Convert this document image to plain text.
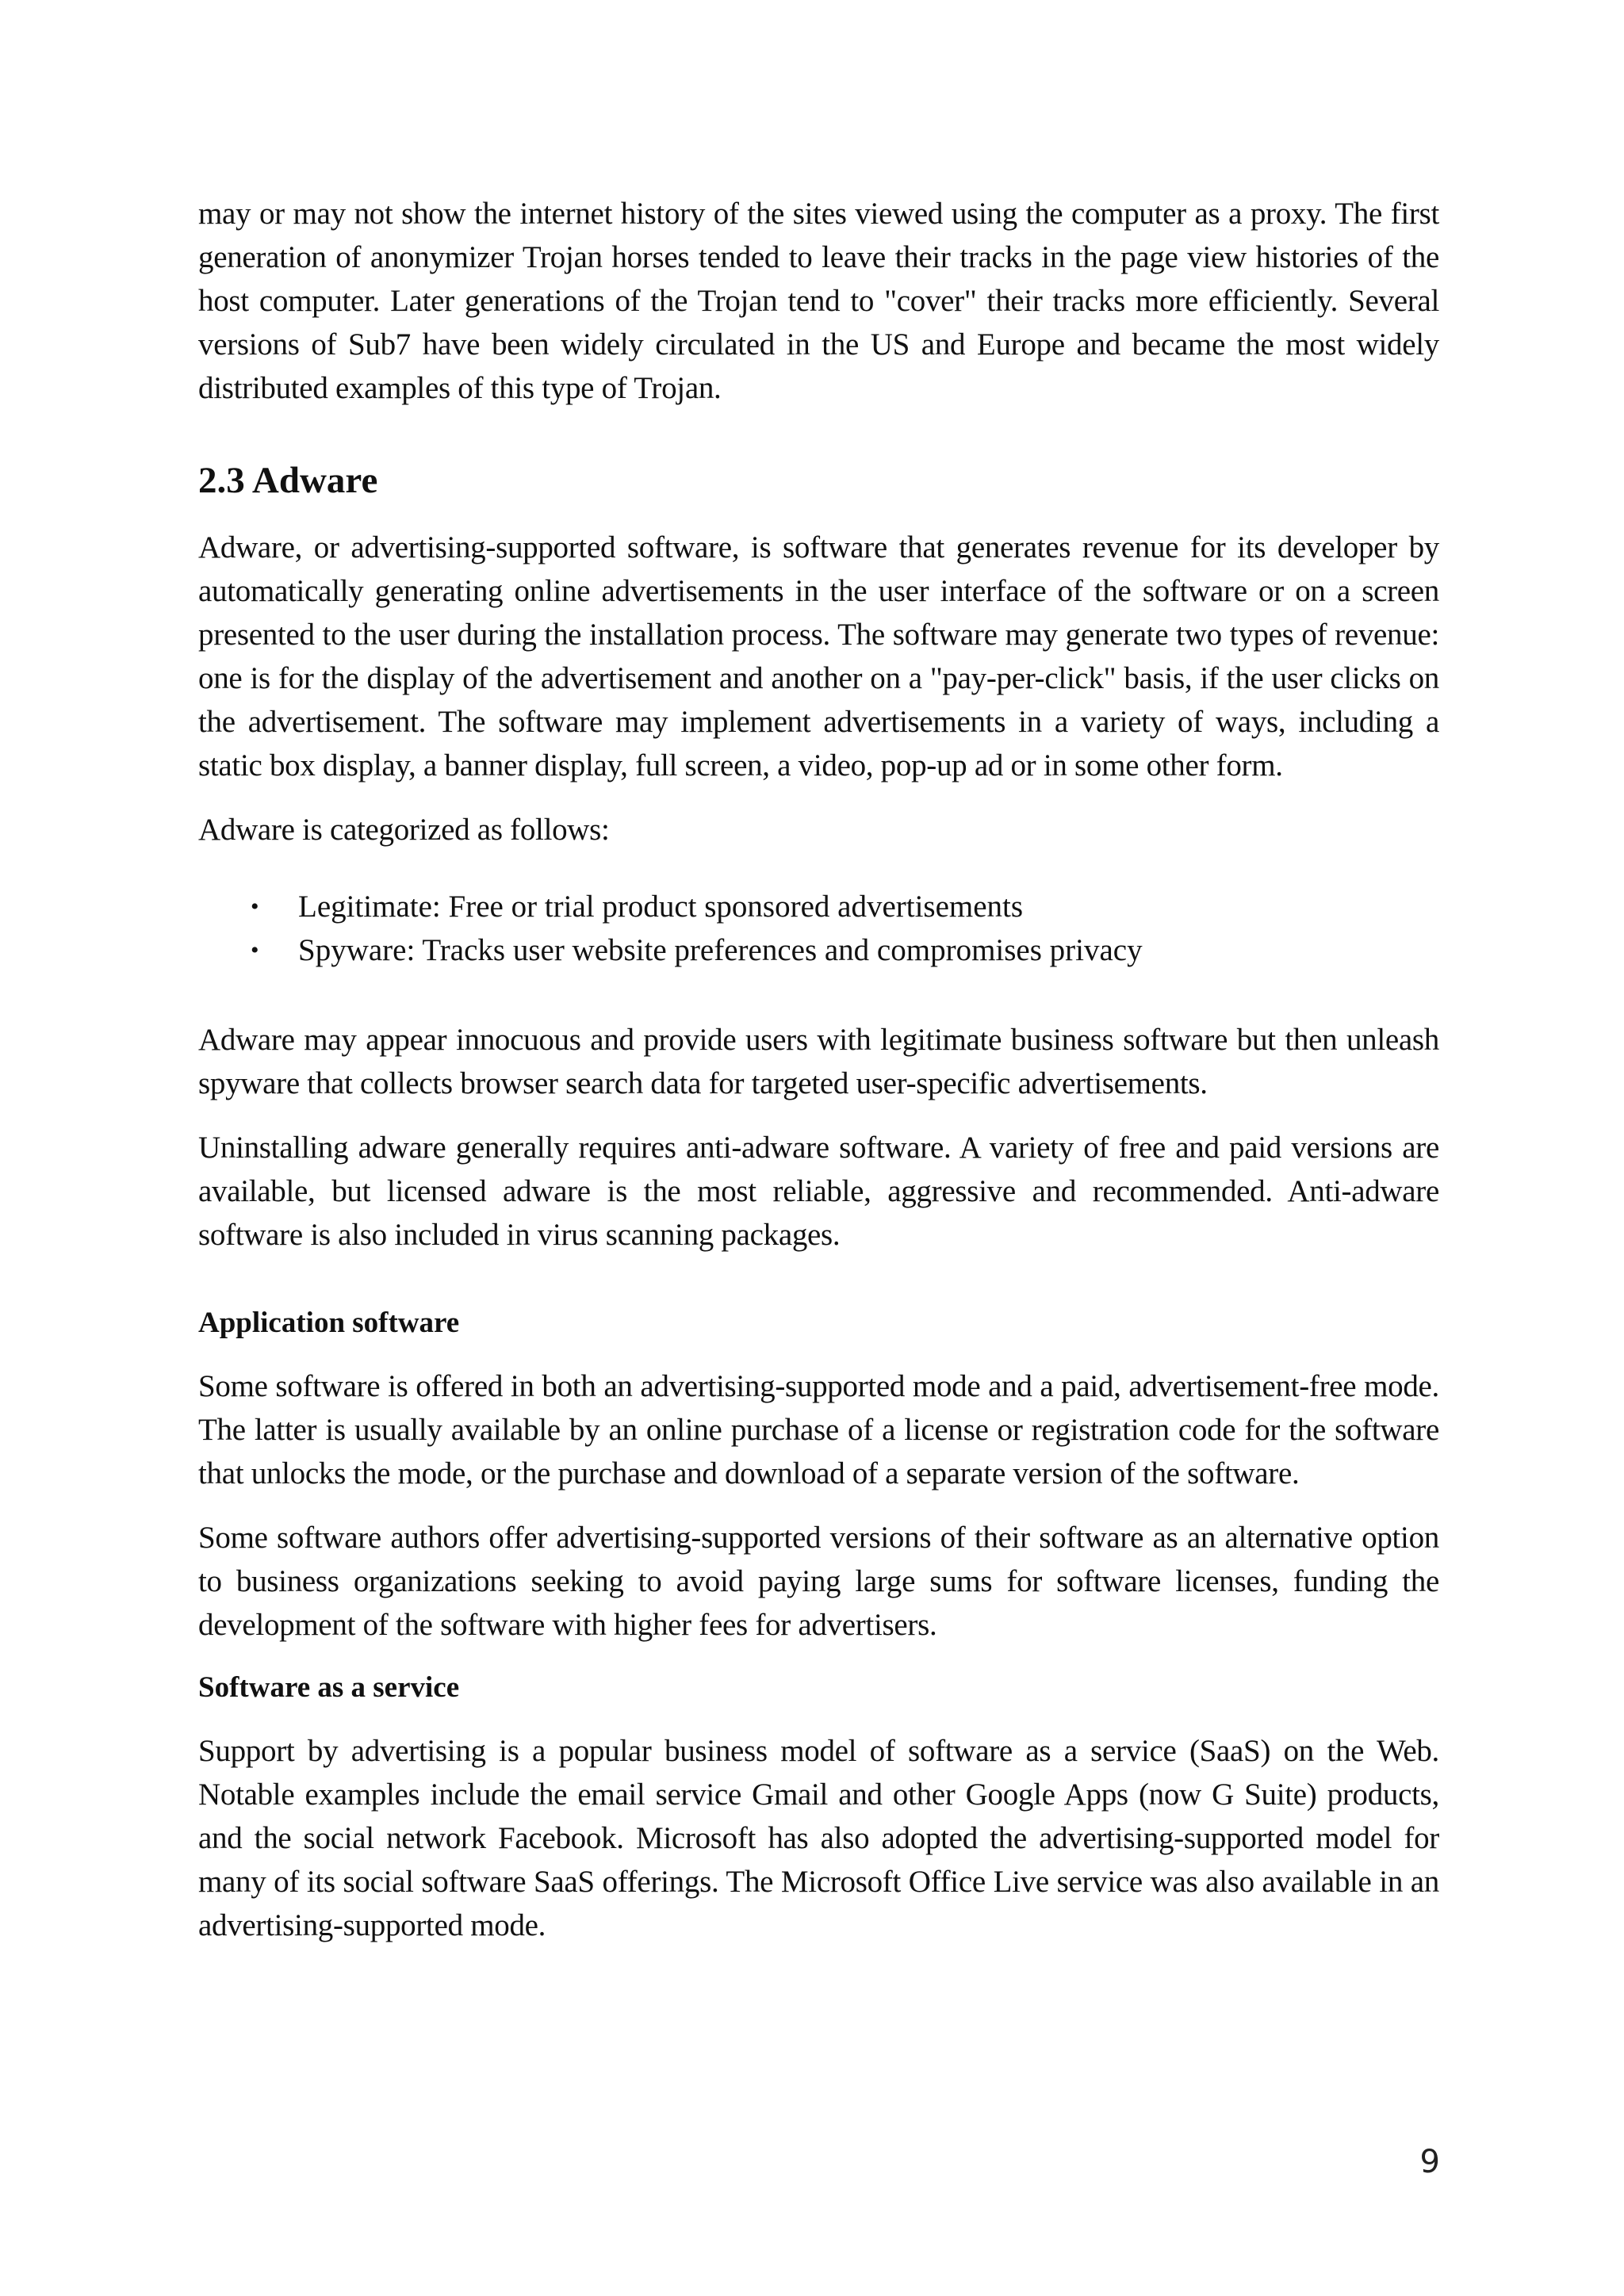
may or may not show the internet history of the sites viewed using the computer as a proxy. The first generation of anonymizer Trojan horses tended to leave their tracks in the page view histories of the host computer. Later generations of the Trojan tend to "cover" their tracks more efficiently. Several versions of Sub7 have been widely circulated in the US and Europe and became the most widely distributed examples of this type of Trojan.

2.3 Adware

Adware, or advertising-supported software, is software that generates revenue for its developer by automatically generating online advertisements in the user interface of the software or on a screen presented to the user during the installation process. The software may generate two types of revenue: one is for the display of the advertisement and another on a "pay-per-click" basis, if the user clicks on the advertisement. The software may implement advertisements in a variety of ways, including a static box display, a banner display, full screen, a video, pop-up ad or in some other form.

Adware is categorized as follows:

• Legitimate: Free or trial product sponsored advertisements
• Spyware: Tracks user website preferences and compromises privacy

Adware may appear innocuous and provide users with legitimate business software but then unleash spyware that collects browser search data for targeted user-specific advertisements.

Uninstalling adware generally requires anti-adware software. A variety of free and paid versions are available, but licensed adware is the most reliable, aggressive and recommended. Anti-adware software is also included in virus scanning packages.

Application software

Some software is offered in both an advertising-supported mode and a paid, advertisement-free mode. The latter is usually available by an online purchase of a license or registration code for the software that unlocks the mode, or the purchase and download of a separate version of the software.

Some software authors offer advertising-supported versions of their software as an alternative option to business organizations seeking to avoid paying large sums for software licenses, funding the development of the software with higher fees for advertisers.

Software as a service

Support by advertising is a popular business model of software as a service (SaaS) on the Web. Notable examples include the email service Gmail and other Google Apps (now G Suite) products, and the social network Facebook. Microsoft has also adopted the advertising-supported model for many of its social software SaaS offerings. The Microsoft Office Live service was also available in an advertising-supported mode.

9
